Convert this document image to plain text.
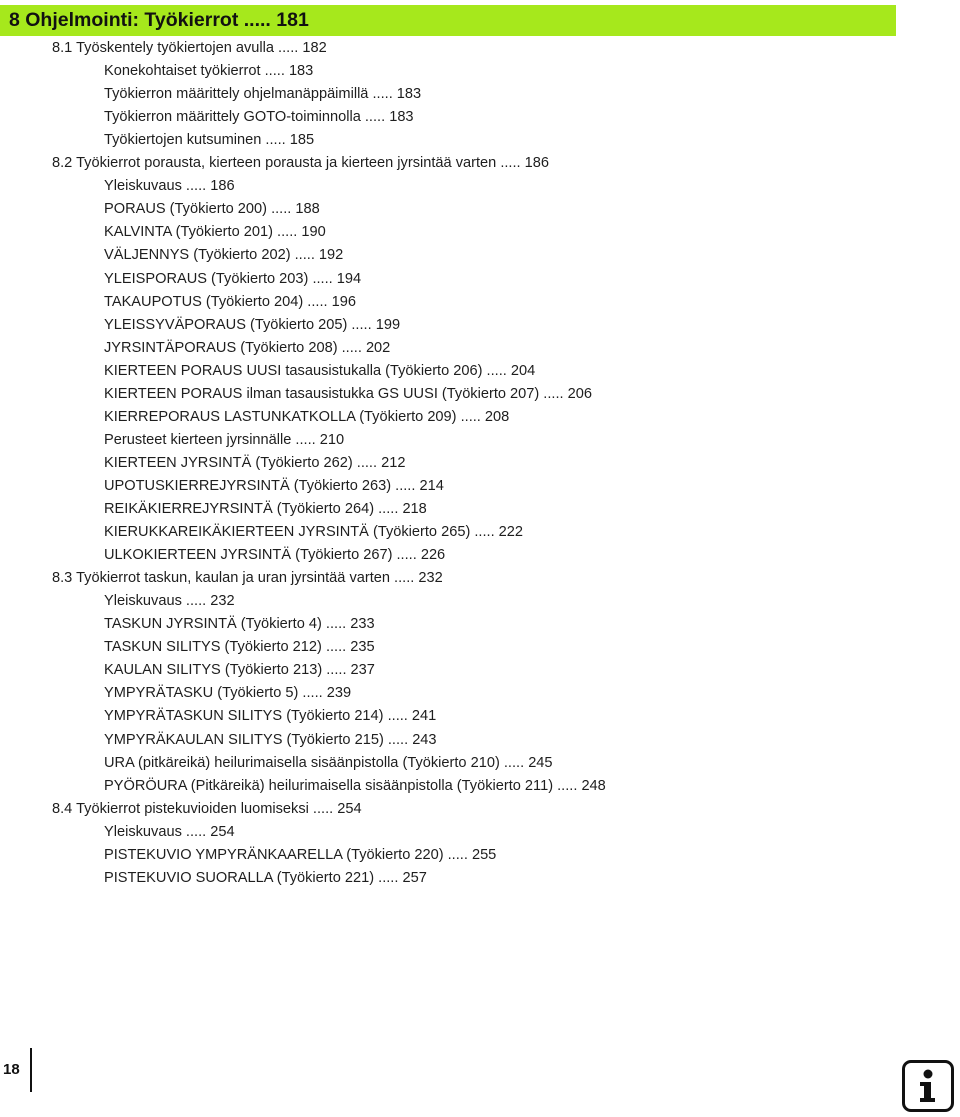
8 Ohjelmointi: Työkierrot ..... 181
8.1 Työskentely työkiertojen avulla ..... 182
Konekohtaiset työkierrot ..... 183
Työkierron määrittely ohjelmanäppäimillä ..... 183
Työkierron määrittely GOTO-toiminnolla ..... 183
Työkiertojen kutsuminen ..... 185
8.2 Työkierrot porausta, kierteen porausta ja kierteen jyrsintää varten ..... 186
Yleiskuvaus ..... 186
PORAUS (Työkierto 200) ..... 188
KALVINTA (Työkierto 201) ..... 190
VÄLJENNYS (Työkierto 202) ..... 192
YLEISPORAUS (Työkierto 203) ..... 194
TAKAUPOTUS (Työkierto 204) ..... 196
YLEISSYVÄPORAUS (Työkierto 205) ..... 199
JYRSINTÄPORAUS (Työkierto 208) ..... 202
KIERTEEN PORAUS UUSI tasausistukalla (Työkierto 206) ..... 204
KIERTEEN PORAUS ilman tasausistukka GS UUSI (Työkierto 207) ..... 206
KIERREPORAUS LASTUNKATKOLLA (Työkierto 209) ..... 208
Perusteet kierteen jyrsinnälle ..... 210
KIERTEEN JYRSINTÄ (Työkierto 262) ..... 212
UPOTUSKIERREJYRSINTÄ (Työkierto 263) ..... 214
REIKÄKIERREJYRSINTÄ (Työkierto 264) ..... 218
KIERUKKAREIKÄKIERTEEN JYRSINTÄ (Työkierto 265) ..... 222
ULKOKIERTEEN JYRSINTÄ (Työkierto 267) ..... 226
8.3 Työkierrot taskun, kaulan ja uran jyrsintää varten ..... 232
Yleiskuvaus ..... 232
TASKUN JYRSINTÄ (Työkierto 4) ..... 233
TASKUN SILITYS (Työkierto 212) ..... 235
KAULAN SILITYS (Työkierto 213) ..... 237
YMPYRÄTASKU (Työkierto 5) ..... 239
YMPYRÄTASKUN SILITYS (Työkierto 214) ..... 241
YMPYRÄKAULAN SILITYS (Työkierto 215) ..... 243
URA (pitkäreikä) heilurimaisella sisäänpistolla (Työkierto 210) ..... 245
PYÖRÖURA (Pitkäreikä) heilurimaisella sisäänpistolla (Työkierto 211) ..... 248
8.4 Työkierrot pistekuvioiden luomiseksi ..... 254
Yleiskuvaus ..... 254
PISTEKUVIO YMPYRÄNKAARELLA (Työkierto 220) ..... 255
PISTEKUVIO SUORALLA (Työkierto 221) ..... 257
18
